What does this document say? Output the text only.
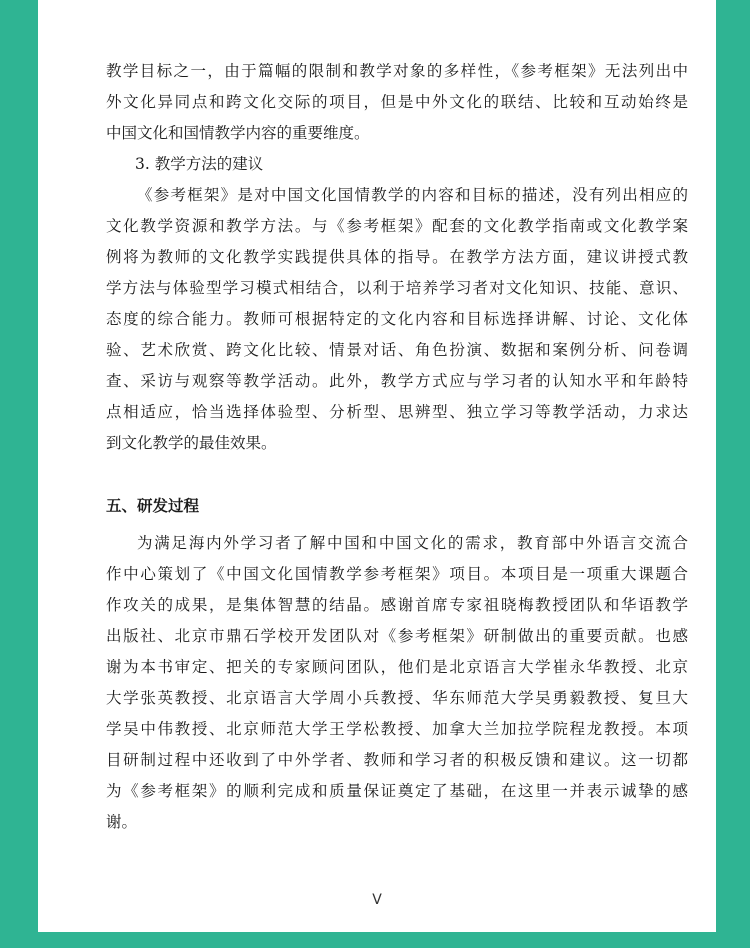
教学目标之一，由于篇幅的限制和教学对象的多样性，《参考框架》无法列出中
外文化异同点和跨文化交际的项目，但是中外文化的联结、比较和互动始终是
中国文化和国情教学内容的重要维度。
3. 教学方法的建议
《参考框架》是对中国文化国情教学的内容和目标的描述，没有列出相应的
文化教学资源和教学方法。与《参考框架》配套的文化教学指南或文化教学案
例将为教师的文化教学实践提供具体的指导。在教学方法方面，建议讲授式教
学方法与体验型学习模式相结合，以利于培养学习者对文化知识、技能、意识、
态度的综合能力。教师可根据特定的文化内容和目标选择讲解、讨论、文化体
验、艺术欣赏、跨文化比较、情景对话、角色扮演、数据和案例分析、问卷调
查、采访与观察等教学活动。此外，教学方式应与学习者的认知水平和年龄特
点相适应，恰当选择体验型、分析型、思辨型、独立学习等教学活动，力求达
到文化教学的最佳效果。
五、研发过程
为满足海内外学习者了解中国和中国文化的需求，教育部中外语言交流合
作中心策划了《中国文化国情教学参考框架》项目。本项目是一项重大课题合
作攻关的成果，是集体智慧的结晶。感谢首席专家祖晓梅教授团队和华语教学
出版社、北京市鼎石学校开发团队对《参考框架》研制做出的重要贡献。也感
谢为本书审定、把关的专家顾问团队，他们是北京语言大学崔永华教授、北京
大学张英教授、北京语言大学周小兵教授、华东师范大学吴勇毅教授、复旦大
学吴中伟教授、北京师范大学王学松教授、加拿大兰加拉学院程龙教授。本项
目研制过程中还收到了中外学者、教师和学习者的积极反馈和建议。这一切都
为《参考框架》的顺利完成和质量保证奠定了基础，在这里一并表示诚挚的感
谢。
V
